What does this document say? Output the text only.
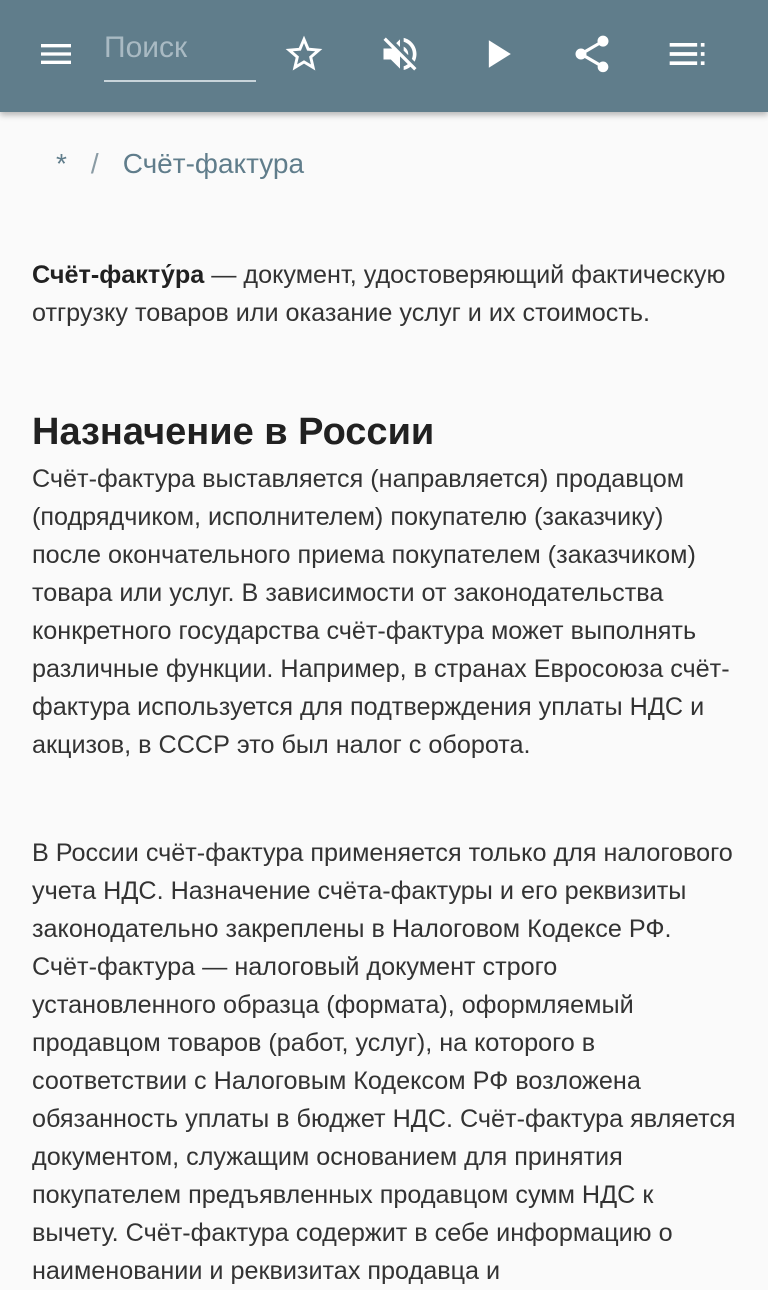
Поиск
* / Счёт-фактура

Счёт-факту́ра — документ, удостоверяющий фактическую отгрузку товаров или оказание услуг и их стоимость.

Назначение в России

Счёт-фактура выставляется (направляется) продавцом (подрядчиком, исполнителем) покупателю (заказчику) после окончательного приема покупателем (заказчиком) товара или услуг. В зависимости от законодательства конкретного государства счёт-фактура может выполнять различные функции. Например, в странах Евросоюза счёт-фактура используется для подтверждения уплаты НДС и акцизов, в СССР это был налог с оборота.

В России счёт-фактура применяется только для налогового учета НДС. Назначение счёта-фактуры и его реквизиты законодательно закреплены в Налоговом Кодексе РФ. Счёт-фактура — налоговый документ строго установленного образца (формата), оформляемый продавцом товаров (работ, услуг), на которого в соответствии с Налоговым Кодексом РФ возложена обязанность уплаты в бюджет НДС. Счёт-фактура является документом, служащим основанием для принятия покупателем предъявленных продавцом сумм НДС к вычету. Счёт-фактура содержит в себе информацию о наименовании и реквизитах продавца и
